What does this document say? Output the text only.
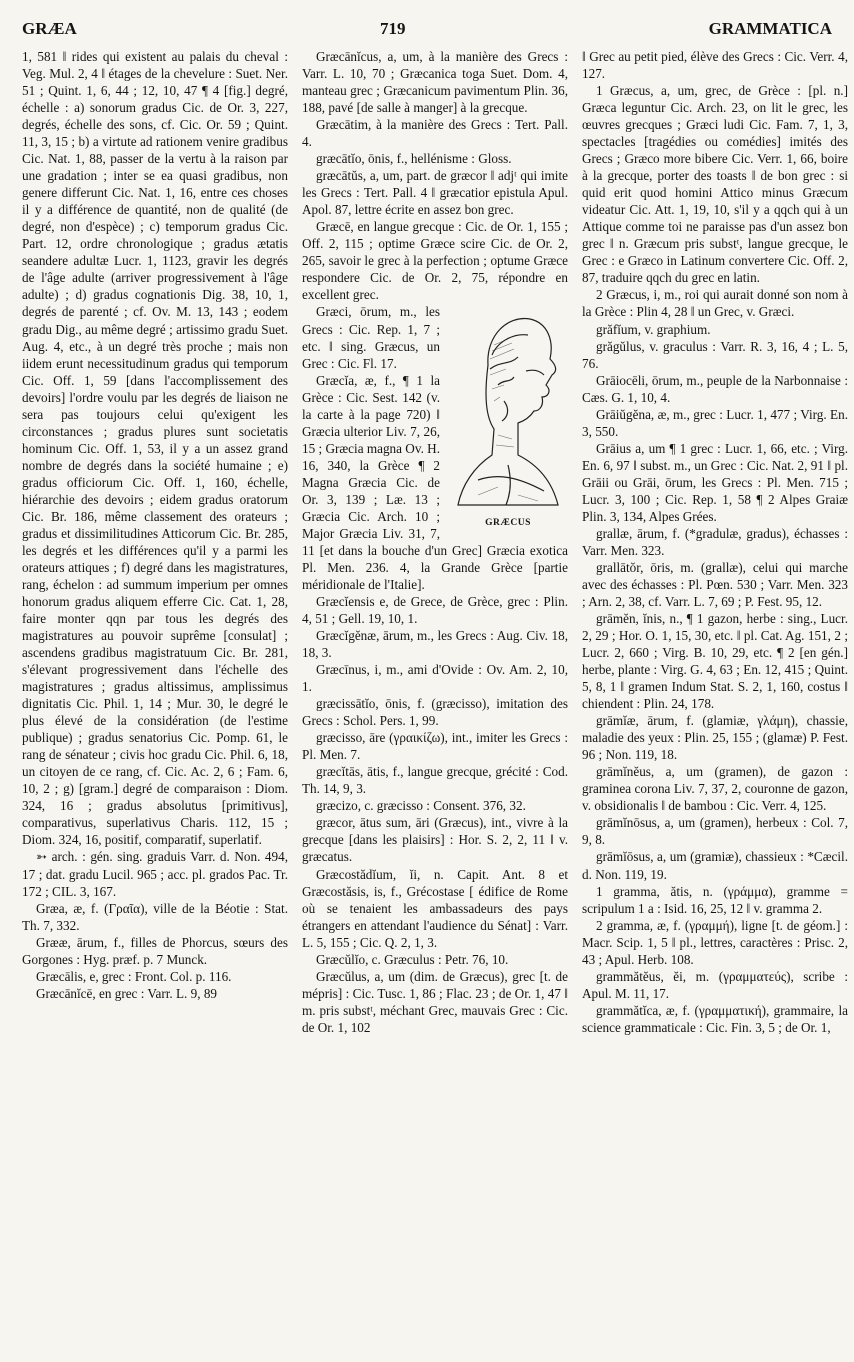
GRÆA	719	GRAMMATICA

1, 581 ‖ rides qui existent au palais du cheval : Veg. Mul. 2, 4 ‖ étages de la chevelure : Suet. Ner. 51 ; Quint. 1, 6, 44 ; 12, 10, 47 ¶ 4 [fig.] degré, échelle : a) sonorum gradus Cic. de Or. 3, 227, degrés, échelle des sons, cf. Cic. Or. 59 ; Quint. 11, 3, 15 ; b) a virtute ad rationem venire gradibus Cic. Nat. 1, 88, passer de la vertu à la raison par une gradation ; inter se ea quasi gradibus, non genere differunt Cic. Nat. 1, 16, entre ces choses il y a différence de quantité, non de qualité (de degré, non d'espèce) ; c) temporum gradus Cic. Part. 12, ordre chronologique ; gradus ætatis seandere adultæ Lucr. 1, 1123, gravir les degrés de l'âge adulte (arriver progressivement à l'âge adulte) ; d) gradus cognationis Dig. 38, 10, 1, degrés de parenté ; cf. Ov. M. 13, 143 ; eodem gradu Dig., au même degré ; artissimo gradu Suet. Aug. 4, etc., à un degré très proche ; mais non iidem erunt necessitudinum gradus qui temporum Cic. Off. 1, 59 [dans l'accomplissement des devoirs] l'ordre voulu par les degrés de liaison ne sera pas toujours celui qu'exigent les circonstances ; gradus plures sunt societatis hominum Cic. Off. 1, 53, il y a un assez grand nombre de degrés dans la société humaine ; e) gradus officiorum Cic. Off. 1, 160, échelle, hiérarchie des devoirs ; eidem gradus oratorum Cic. Br. 186, même classement des orateurs ; gradus et dissimilitudines Atticorum Cic. Br. 285, les degrés et les différences qu'il y a parmi les orateurs attiques ; f) degré dans les magistratures, rang, échelon : ad summum imperium per omnes honorum gradus aliquem efferre Cic. Cat. 1, 28, faire monter qqn par tous les degrés des magistratures au pouvoir suprême [consulat] ; ascendens gradibus magistratuum Cic. Br. 281, s'élevant progressivement dans l'échelle des magistratures ; gradus altissimus, amplissimus dignitatis Cic. Phil. 1, 14 ; Mur. 30, le degré le plus élevé de la considération (de l'estime publique) ; gradus senatorius Cic. Pomp. 61, le rang de sénateur ; civis hoc gradu Cic. Phil. 6, 18, un citoyen de ce rang, cf. Cic. Ac. 2, 6 ; Fam. 6, 10, 2 ; g) [gram.] degré de comparaison : Diom. 324, 16 ; gradus absolutus [primitivus], comparativus, superlativus Charis. 112, 15 ; Diom. 324, 16, positif, comparatif, superlatif.

➳ arch. : gén. sing. graduis Varr. d. Non. 494, 17 ; dat. gradu Lucil. 965 ; acc. pl. grados Pac. Tr. 172 ; CIL. 3, 167.

Græa, æ, f. (Γραῖα), ville de la Béotie : Stat. Th. 7, 332.

Grææ, ārum, f., filles de Phorcus, sœurs des Gorgones : Hyg. præf. p. 7 Munck.

Græcālis, e, grec : Front. Col. p. 116.

Græcānĭcē, en grec : Varr. L. 9, 89

Græcānĭcus, a, um, à la manière des Grecs : Varr. L. 10, 70 ; Græcanica toga Suet. Dom. 4, manteau grec ; Græcanicum pavimentum Plin. 36, 188, pavé [de salle à manger] à la grecque.

Græcātim, à la manière des Grecs : Tert. Pall. 4.

græcātĭo, ōnis, f., hellénisme : Gloss.

græcātŭs, a, um, part. de græcor ‖ adjᵗ qui imite les Grecs : Tert. Pall. 4 ‖ græcatior epistula Apul. Apol. 87, lettre écrite en assez bon grec.

Græcē, en langue grecque : Cic. de Or. 1, 155 ; Off. 2, 115 ; optime Græce scire Cic. de Or. 2, 265, savoir le grec à la perfection ; optume Græce respondere Cic. de Or. 2, 75, répondre en excellent grec.

GRÆCUS

Græci, ōrum, m., les Grecs : Cic. Rep. 1, 7 ; etc. ‖ sing. Græcus, un Grec : Cic. Fl. 17.

Græcĭa, æ, f., ¶ 1 la Grèce : Cic. Sest. 142 (v. la carte à la page 720) ‖ Græcia ulterior Liv. 7, 26, 15 ; Græcia magna Ov. H. 16, 340, la Grèce ¶ 2 Magna Græcia Cic. de Or. 3, 139 ; Læ. 13 ; Græcia Cic. Arch. 10 ; Major Græcia Liv. 31, 7, 11 [et dans la bouche d'un Grec] Græcia exotica Pl. Men. 236. 4, la Grande Grèce [partie méridionale de l'Italie].

Græcĭensis e, de Grece, de Grèce, grec : Plin. 4, 51 ; Gell. 19, 10, 1.

Græcĭgĕnæ, ārum, m., les Grecs : Aug. Civ. 18, 18, 3.

Græcīnus, i, m., ami d'Ovide : Ov. Am. 2, 10, 1.

græcissātĭo, ōnis, f. (græcisso), imitation des Grecs : Schol. Pers. 1, 99.

græcisso, āre (γραικίζω), int., imiter les Grecs : Pl. Men. 7.

græcĭtās, ātis, f., langue grecque, grécité : Cod. Th. 14, 9, 3.

græcizo, c. græcisso : Consent. 376, 32.

græcor, ātus sum, āri (Græcus), int., vivre à la grecque [dans les plaisirs] : Hor. S. 2, 2, 11 ‖ v. græcatus.

Græcostădĭum, ĭi, n. Capit. Ant. 8 et Græcostăsis, is, f., Grécostase [ édifice de Rome où se tenaient les ambassadeurs des pays étrangers en attendant l'audience du Sénat] : Varr. L. 5, 155 ; Cic. Q. 2, 1, 3.

Græcŭlĭo, c. Græculus : Petr. 76, 10.

Græcŭlus, a, um (dim. de Græcus), grec [t. de mépris] : Cic. Tusc. 1, 86 ; Flac. 23 ; de Or. 1, 47 ‖ m. pris substᵗ, méchant Grec, mauvais Grec : Cic. de Or. 1, 102

‖ Grec au petit pied, élève des Grecs : Cic. Verr. 4, 127.

1 Græcus, a, um, grec, de Grèce : [pl. n.] Græca leguntur Cic. Arch. 23, on lit le grec, les œuvres grecques ; Græci ludi Cic. Fam. 7, 1, 3, spectacles [tragédies ou comédies] imités des Grecs ; Græco more bibere Cic. Verr. 1, 66, boire à la grecque, porter des toasts ‖ de bon grec : si quid erit quod homini Attico minus Græcum videatur Cic. Att. 1, 19, 10, s'il y a qqch qui à un Attique comme toi ne paraisse pas d'un assez bon grec ‖ n. Græcum pris substᵗ, langue grecque, le Grec : e Græco in Latinum convertere Cic. Off. 2, 87, traduire qqch du grec en latin.

2 Græcus, i, m., roi qui aurait donné son nom à la Grèce : Plin 4, 28 ‖ un Grec, v. Græci.

grăfĭum, v. graphium.

grăgŭlus, v. graculus : Varr. R. 3, 16, 4 ; L. 5, 76.

Grāiocēli, ōrum, m., peuple de la Narbonnaise : Cæs. G. 1, 10, 4.

Grāiŭgĕna, æ, m., grec : Lucr. 1, 477 ; Virg. En. 3, 550.

Grāius a, um ¶ 1 grec : Lucr. 1, 66, etc. ; Virg. En. 6, 97 ‖ subst. m., un Grec : Cic. Nat. 2, 91 ‖ pl. Grāii ou Grāi, ōrum, les Grecs : Pl. Men. 715 ; Lucr. 3, 100 ; Cic. Rep. 1, 58 ¶ 2 Alpes Graiæ Plin. 3, 134, Alpes Grées.

grallæ, ārum, f. (*gradulæ, gradus), échasses : Varr. Men. 323.

grallātŏr, ōris, m. (grallæ), celui qui marche avec des échasses : Pl. Pœn. 530 ; Varr. Men. 323 ; Arn. 2, 38, cf. Varr. L. 7, 69 ; P. Fest. 95, 12.

grāmĕn, ĭnis, n., ¶ 1 gazon, herbe : sing., Lucr. 2, 29 ; Hor. O. 1, 15, 30, etc. ‖ pl. Cat. Ag. 151, 2 ; Lucr. 2, 660 ; Virg. B. 10, 29, etc. ¶ 2 [en gén.] herbe, plante : Virg. G. 4, 63 ; En. 12, 415 ; Quint. 5, 8, 1 ‖ gramen Indum Stat. S. 2, 1, 160, costus ‖ chiendent : Plin. 24, 178.

grāmĭæ, ārum, f. (glamiæ, γλάμη), chassie, maladie des yeux : Plin. 25, 155 ; (glamæ) P. Fest. 96 ; Non. 119, 18.

grāmĭnĕus, a, um (gramen), de gazon : graminea corona Liv. 7, 37, 2, couronne de gazon, v. obsidionalis ‖ de bambou : Cic. Verr. 4, 125.

grāmĭnōsus, a, um (gramen), herbeux : Col. 7, 9, 8.

grāmĭōsus, a, um (gramiæ), chassieux : *Cæcil. d. Non. 119, 19.

1 gramma, ătis, n. (γράμμα), gramme = scripulum 1 a : Isid. 16, 25, 12 ‖ v. gramma 2.

2 gramma, æ, f. (γραμμή), ligne [t. de géom.] : Macr. Scip. 1, 5 ‖ pl., lettres, caractères : Prisc. 2, 43 ; Apul. Herb. 108.

grammătĕus, ĕi, m. (γραμματεύς), scribe : Apul. M. 11, 17.

grammătĭca, æ, f. (γραμματική), grammaire, la science grammaticale : Cic. Fin. 3, 5 ; de Or. 1,
